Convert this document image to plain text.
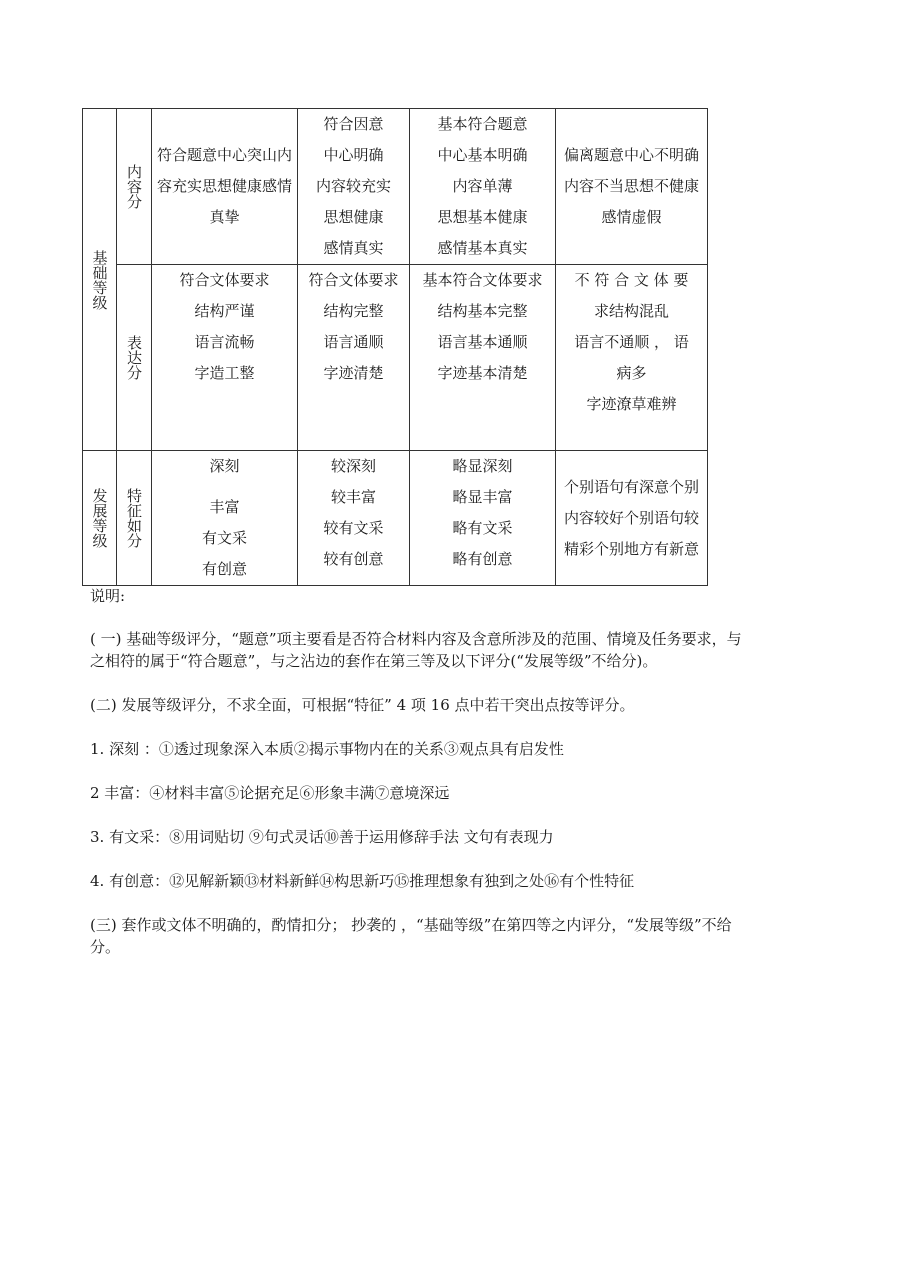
基础等级	内容分	符合题意中心突山内
容充实思想健康感情
真挚	符合因意
中心明确
内容较充实
思想健康
感情真实	基本符合题意
中心基本明确
内容单薄
思想基本健康
感情基本真实	偏离题意中心不明确
内容不当思想不健康
感情虚假

	表达分	符合文体要求
结构严谨
语言流畅
字造工整	符合文体要求
结构完整
语言通顺
字迹清楚	基本符合文体要求
结构基本完整
语言基本通顺
字迹基本清楚	不 符 合 文 体 要
求结构混乱
语言不通顺 ， 语
病多
字迹潦草难辨

发展等级	特征如分	深刻
丰富
有文采
有创意	较深刻
较丰富
较有文采
较有创意	略显深刻
略显丰富
略有文采
略有创意	个别语句有深意个别
内容较好个别语句较
精彩个别地方有新意

说明:

( 一) 基础等级评分，“题意”项主要看是否符合材料内容及含意所涉及的范围、情境及任务要求，与
之相符的属于“符合题意”，与之沾边的套作在第三等及以下评分(“发展等级”不给分)。

(二) 发展等级评分，不求全面，可根据“特征” 4 项 16 点中若干突出点按等评分。

1. 深刻 ：①透过现象深入本质②揭示事物内在的关系③观点具有启发性

2 丰富：④材料丰富⑤论据充足⑥形象丰满⑦意境深远

3. 有文采：⑧用词贴切 ⑨句式灵话⑩善于运用修辞手法 文句有表现力

4. 有创意：⑫见解新颖⑬材料新鲜⑭构思新巧⑮推理想象有独到之处⑯有个性特征

(三) 套作或文体不明确的，酌情扣分； 抄袭的 ，“基础等级”在第四等之内评分，“发展等级”不给
分。
